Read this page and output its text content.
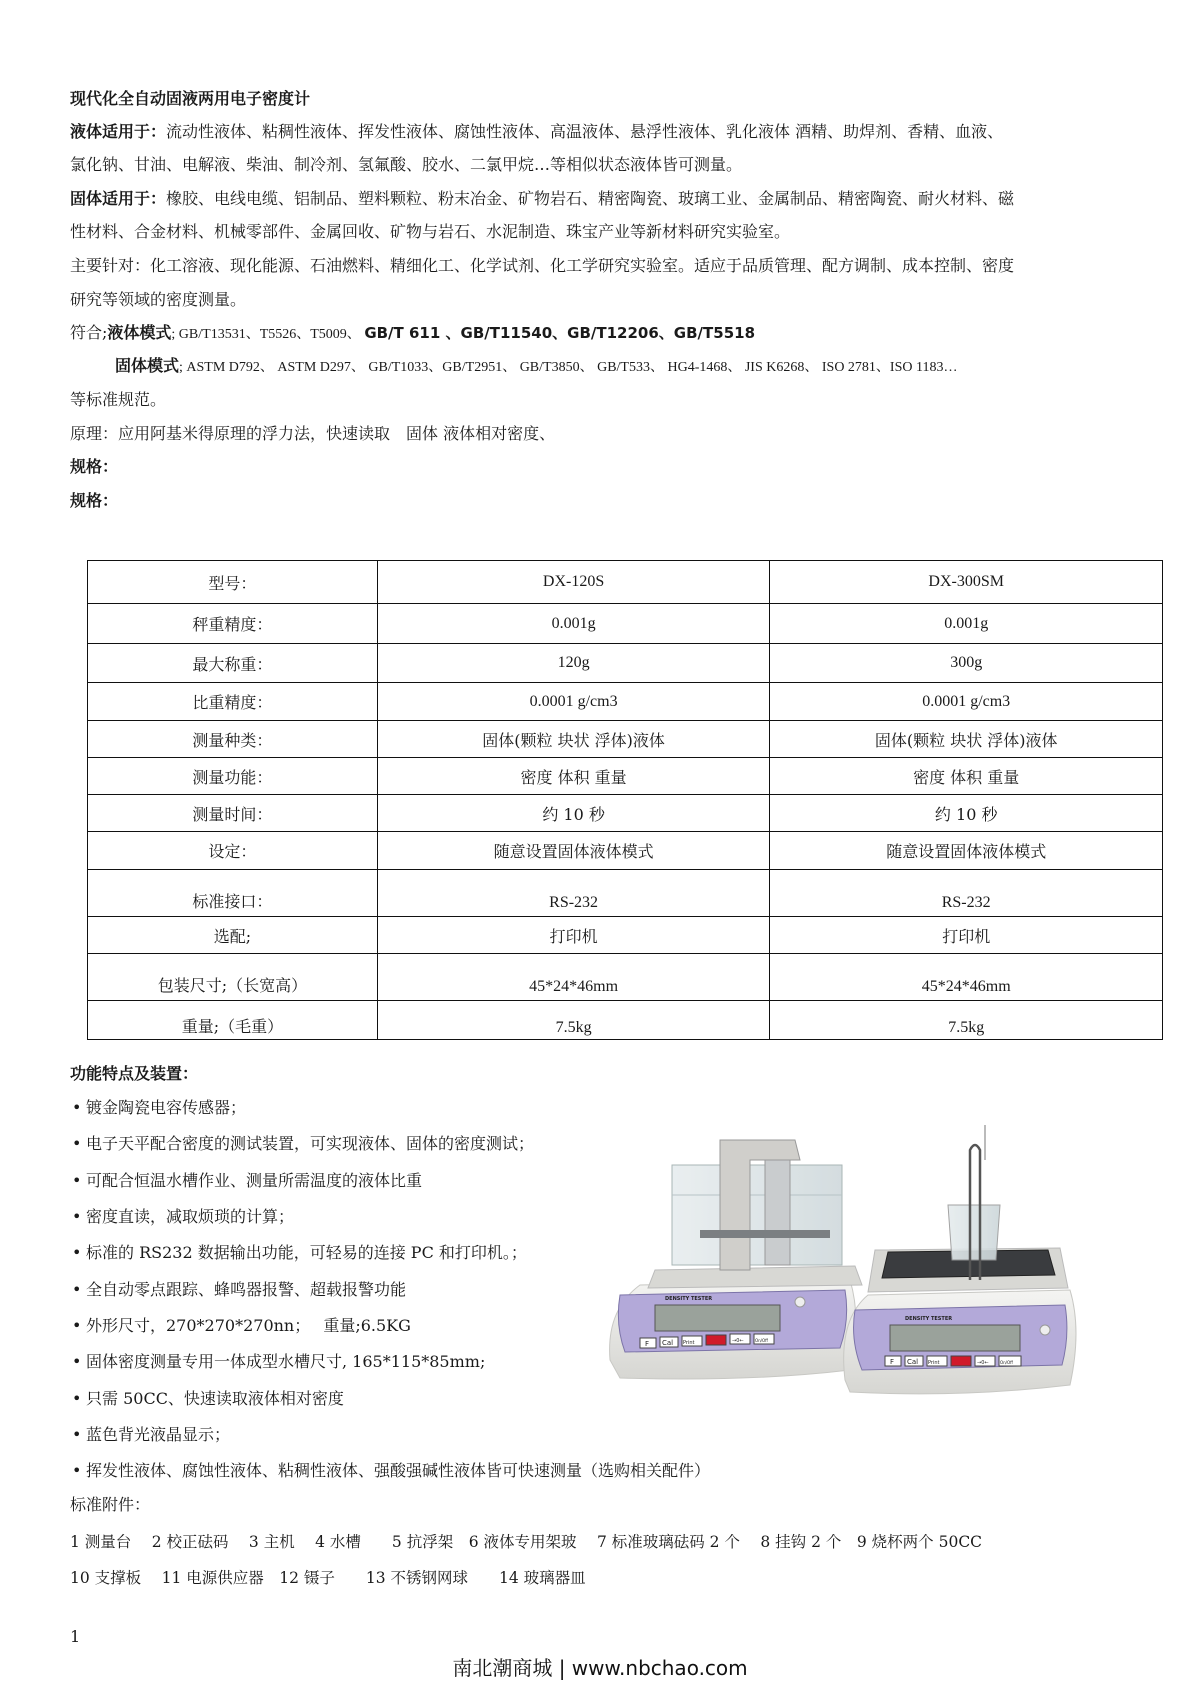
现代化全自动固液两用电子密度计
液体适用于：流动性液体、粘稠性液体、挥发性液体、腐蚀性液体、高温液体、悬浮性液体、乳化液体 酒精、助焊剂、香精、血液、
氯化钠、甘油、电解液、柴油、制冷剂、氢氟酸、胶水、二氯甲烷…等相似状态液体皆可测量。
固体适用于：橡胶、电线电缆、铝制品、塑料颗粒、粉末冶金、矿物岩石、精密陶瓷、玻璃工业、金属制品、精密陶瓷、耐火材料、磁
性材料、合金材料、机械零部件、金属回收、矿物与岩石、水泥制造、珠宝产业等新材料研究实验室。
主要针对：化工溶液、现化能源、石油燃料、精细化工、化学试剂、化工学研究实验室。适应于品质管理、配方调制、成本控制、密度
研究等领域的密度测量。
符合;液体模式; GB/T13531、T5526、T5009、 GB/T 611 、GB/T11540、GB/T12206、GB/T5518
固体模式; ASTM D792、 ASTM D297、 GB/T1033、GB/T2951、 GB/T3850、 GB/T533、 HG4-1468、 JIS K6268、 ISO 2781、ISO 1183…
等标准规范。
原理：应用阿基米得原理的浮力法，快速读取　固体 液体相对密度、
规格：
规格：
型号：	DX-120S	DX-300SM
秤重精度：	0.001g	0.001g
最大称重：	120g	300g
比重精度：	0.0001 g/cm3	0.0001 g/cm3
测量种类：	固体(颗粒 块状 浮体)液体	固体(颗粒 块状 浮体)液体
测量功能：	密度 体积 重量	密度 体积 重量
测量时间：	约 10 秒	约 10 秒
设定：	随意设置固体液体模式	随意设置固体液体模式
标准接口：	RS-232	RS-232
选配;	打印机	打印机
包装尺寸;（长宽高）	45*24*46mm	45*24*46mm
重量;（毛重）	7.5kg	7.5kg
功能特点及装置：
• 镀金陶瓷电容传感器；
• 电子天平配合密度的测试装置，可实现液体、固体的密度测试；
• 可配合恒温水槽作业、测量所需温度的液体比重
• 密度直读，减取烦琐的计算；
• 标准的 RS232 数据输出功能，可轻易的连接 PC 和打印机。；
• 全自动零点跟踪、蜂鸣器报警、超载报警功能
• 外形尺寸，270*270*270nn；　 重量;6.5KG
• 固体密度测量专用一体成型水槽尺寸, 165*115*85mm;
• 只需 50CC、快速读取液体相对密度
• 蓝色背光液晶显示；
• 挥发性液体、腐蚀性液体、粘稠性液体、强酸强碱性液体皆可快速测量（选购相关配件）
标准附件：
1 测量台　 2 校正砝码　 3 主机　 4 水槽　　5 抗浮架　6 液体专用架玻　 7 标准玻璃砝码 2 个　 8 挂钩 2 个　9 烧杯两个 50CC
10 支撑板　 11 电源供应器　12 镊子　　13 不锈钢网球　　14 玻璃器皿
F Cal Print	→0←	On/Off
DENSITY TESTER
F Cal Print	→0←	On/Off
DENSITY TESTER
1
南北潮商城 | www.nbchao.com
